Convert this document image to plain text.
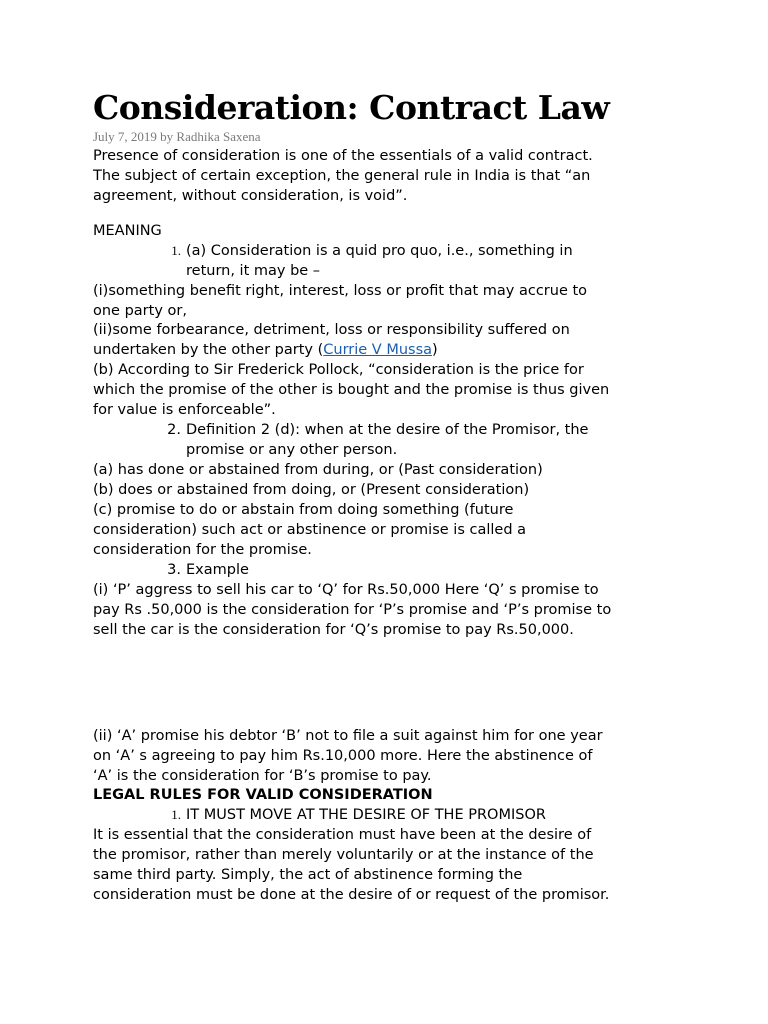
Consideration: Contract Law
July 7, 2019 by Radhika Saxena
Presence of consideration is one of the essentials of a valid contract.
The subject of certain exception, the general rule in India is that “an
agreement, without consideration, is void”.
MEANING
1. (a) Consideration is a quid pro quo, i.e., something in
return, it may be –
(i)something benefit right, interest, loss or profit that may accrue to
one party or,
(ii)some forbearance, detriment, loss or responsibility suffered on
undertaken by the other party (Currie V Mussa)
(b) According to Sir Frederick Pollock, “consideration is the price for
which the promise of the other is bought and the promise is thus given
for value is enforceable”.
2. Definition 2 (d): when at the desire of the Promisor, the
promise or any other person.
(a) has done or abstained from during, or (Past consideration)
(b) does or abstained from doing, or (Present consideration)
(c) promise to do or abstain from doing something (future
consideration) such act or abstinence or promise is called a
consideration for the promise.
3. Example
(i) ‘P’ aggress to sell his car to ‘Q’ for Rs.50,000 Here ‘Q’ s promise to
pay Rs .50,000 is the consideration for ‘P’s promise and ‘P’s promise to
sell the car is the consideration for ‘Q’s promise to pay Rs.50,000.
(ii) ‘A’ promise his debtor ‘B’ not to file a suit against him for one year
on ‘A’ s agreeing to pay him Rs.10,000 more. Here the abstinence of
‘A’ is the consideration for ‘B’s promise to pay.
LEGAL RULES FOR VALID CONSIDERATION
1. IT MUST MOVE AT THE DESIRE OF THE PROMISOR
It is essential that the consideration must have been at the desire of
the promisor, rather than merely voluntarily or at the instance of the
same third party. Simply, the act of abstinence forming the
consideration must be done at the desire of or request of the promisor.
